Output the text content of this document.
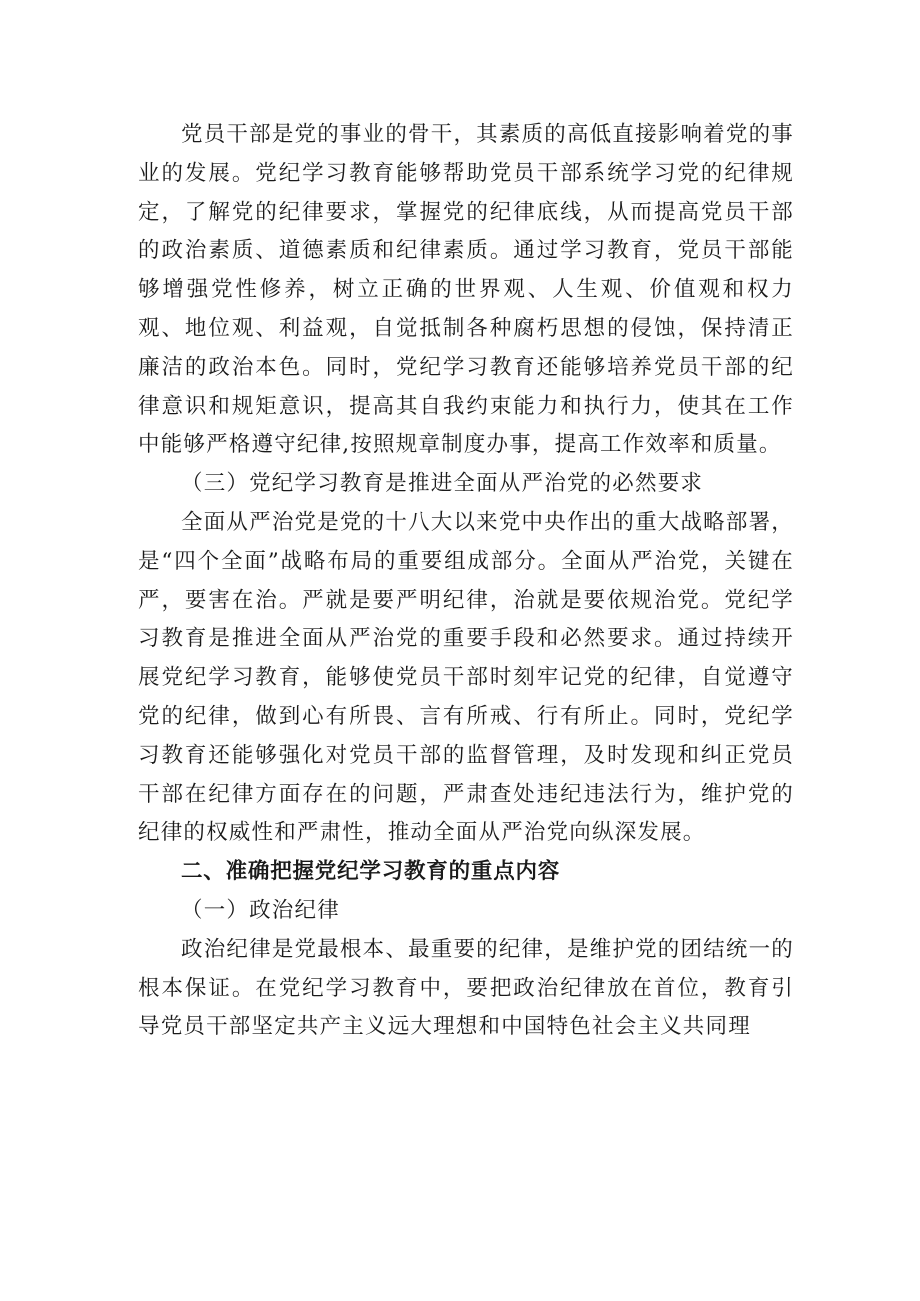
党员干部是党的事业的骨干，其素质的高低直接影响着党的事业的发展。党纪学习教育能够帮助党员干部系统学习党的纪律规定，了解党的纪律要求，掌握党的纪律底线，从而提高党员干部的政治素质、道德素质和纪律素质。通过学习教育，党员干部能够增强党性修养，树立正确的世界观、人生观、价值观和权力观、地位观、利益观，自觉抵制各种腐朽思想的侵蚀，保持清正廉洁的政治本色。同时，党纪学习教育还能够培养党员干部的纪律意识和规矩意识，提高其自我约束能力和执行力，使其在工作中能够严格遵守纪律,按照规章制度办事，提高工作效率和质量。

（三）党纪学习教育是推进全面从严治党的必然要求

全面从严治党是党的十八大以来党中央作出的重大战略部署，是“四个全面”战略布局的重要组成部分。全面从严治党，关键在严，要害在治。严就是要严明纪律，治就是要依规治党。党纪学习教育是推进全面从严治党的重要手段和必然要求。通过持续开展党纪学习教育，能够使党员干部时刻牢记党的纪律，自觉遵守党的纪律，做到心有所畏、言有所戒、行有所止。同时，党纪学习教育还能够强化对党员干部的监督管理，及时发现和纠正党员干部在纪律方面存在的问题，严肃查处违纪违法行为，维护党的纪律的权威性和严肃性，推动全面从严治党向纵深发展。

二、准确把握党纪学习教育的重点内容

（一）政治纪律

政治纪律是党最根本、最重要的纪律，是维护党的团结统一的根本保证。在党纪学习教育中，要把政治纪律放在首位，教育引导党员干部坚定共产主义远大理想和中国特色社会主义共同理
